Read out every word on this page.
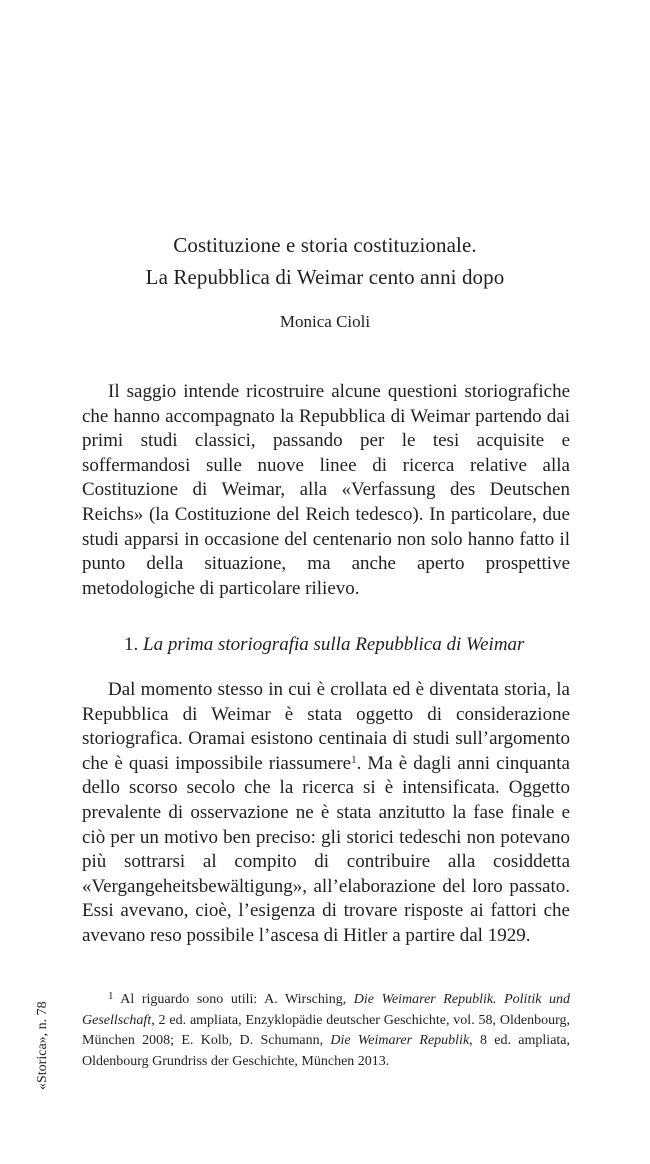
Costituzione e storia costituzionale.
La Repubblica di Weimar cento anni dopo
Monica Cioli

Il saggio intende ricostruire alcune questioni storiografiche che hanno accompagnato la Repubblica di Weimar partendo dai primi studi classici, passando per le tesi acquisite e soffermandosi sulle nuove linee di ricerca relative alla Costituzione di Weimar, alla «Verfassung des Deutschen Reichs» (la Costituzione del Reich tedesco). In particolare, due studi apparsi in occasione del centenario non solo hanno fatto il punto della situazione, ma anche aperto prospettive metodologiche di particolare rilievo.

1. La prima storiografia sulla Repubblica di Weimar

Dal momento stesso in cui è crollata ed è diventata storia, la Repubblica di Weimar è stata oggetto di considerazione storiografica. Oramai esistono centinaia di studi sull’argomento che è quasi impossibile riassumere$^1$. Ma è dagli anni cinquanta dello scorso secolo che la ricerca si è intensificata. Oggetto prevalente di osservazione ne è stata anzitutto la fase finale e ciò per un motivo ben preciso: gli storici tedeschi non potevano più sottrarsi al compito di contribuire alla cosiddetta «Vergangeheitsbewältigung», all’elaborazione del loro passato. Essi avevano, cioè, l’esigenza di trovare risposte ai fattori che avevano reso possibile l’ascesa di Hitler a partire dal 1929.

$^1$ Al riguardo sono utili: A. Wirsching, Die Weimarer Republik. Politik und Gesellschaft, 2 ed. ampliata, Enzyklopädie deutscher Geschichte, vol. 58, Oldenbourg, München 2008; E. Kolb, D. Schumann, Die Weimarer Republik, 8 ed. ampliata, Oldenbourg Grundriss der Geschichte, München 2013.

«Storica», n. 78
